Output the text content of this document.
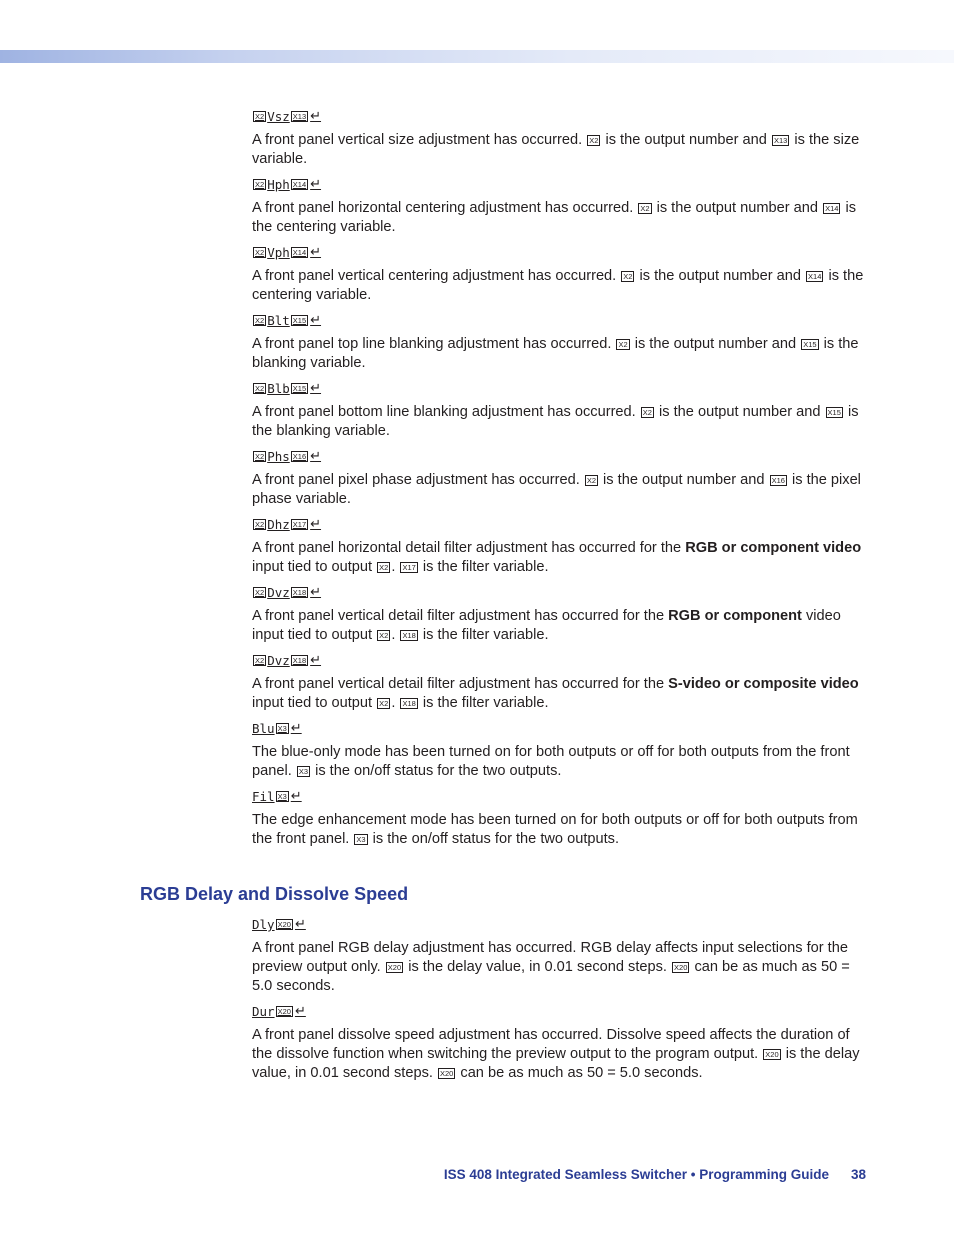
X2 Vsz X13 ↵

A front panel vertical size adjustment has occurred. X2 is the output number and X13 is the size variable.

X2 Hph X14 ↵

A front panel horizontal centering adjustment has occurred. X2 is the output number and X14 is the centering variable.

X2 Vph X14 ↵

A front panel vertical centering adjustment has occurred. X2 is the output number and X14 is the centering variable.

X2 Blt X15 ↵

A front panel top line blanking adjustment has occurred. X2 is the output number and X15 is the blanking variable.

X2 Blb X15 ↵

A front panel bottom line blanking adjustment has occurred. X2 is the output number and X15 is the blanking variable.

X2 Phs X16 ↵

A front panel pixel phase adjustment has occurred. X2 is the output number and X16 is the pixel phase variable.

X2 Dhz X17 ↵

A front panel horizontal detail filter adjustment has occurred for the RGB or component video input tied to output X2 . X17 is the filter variable.

X2 Dvz X18 ↵

A front panel vertical detail filter adjustment has occurred for the RGB or component video input tied to output X2 . X18 is the filter variable.

X2 Dvz X18 ↵

A front panel vertical detail filter adjustment has occurred for the S-video or composite video input tied to output X2 . X18 is the filter variable.

Blu X3 ↵

The blue-only mode has been turned on for both outputs or off for both outputs from the front panel. X3 is the on/off status for the two outputs.

Fil X3 ↵

The edge enhancement mode has been turned on for both outputs or off for both outputs from the front panel. X3 is the on/off status for the two outputs.

RGB Delay and Dissolve Speed
Dly X20 ↵

A front panel RGB delay adjustment has occurred. RGB delay affects input selections for the preview output only. X20 is the delay value, in 0.01 second steps. X20 can be as much as 50 = 5.0 seconds.

Dur X20 ↵

A front panel dissolve speed adjustment has occurred. Dissolve speed affects the duration of the dissolve function when switching the preview output to the program output. X20 is the delay value, in 0.01 second steps. X20 can be as much as 50 = 5.0 seconds.

ISS 408 Integrated Seamless Switcher • Programming Guide 38
